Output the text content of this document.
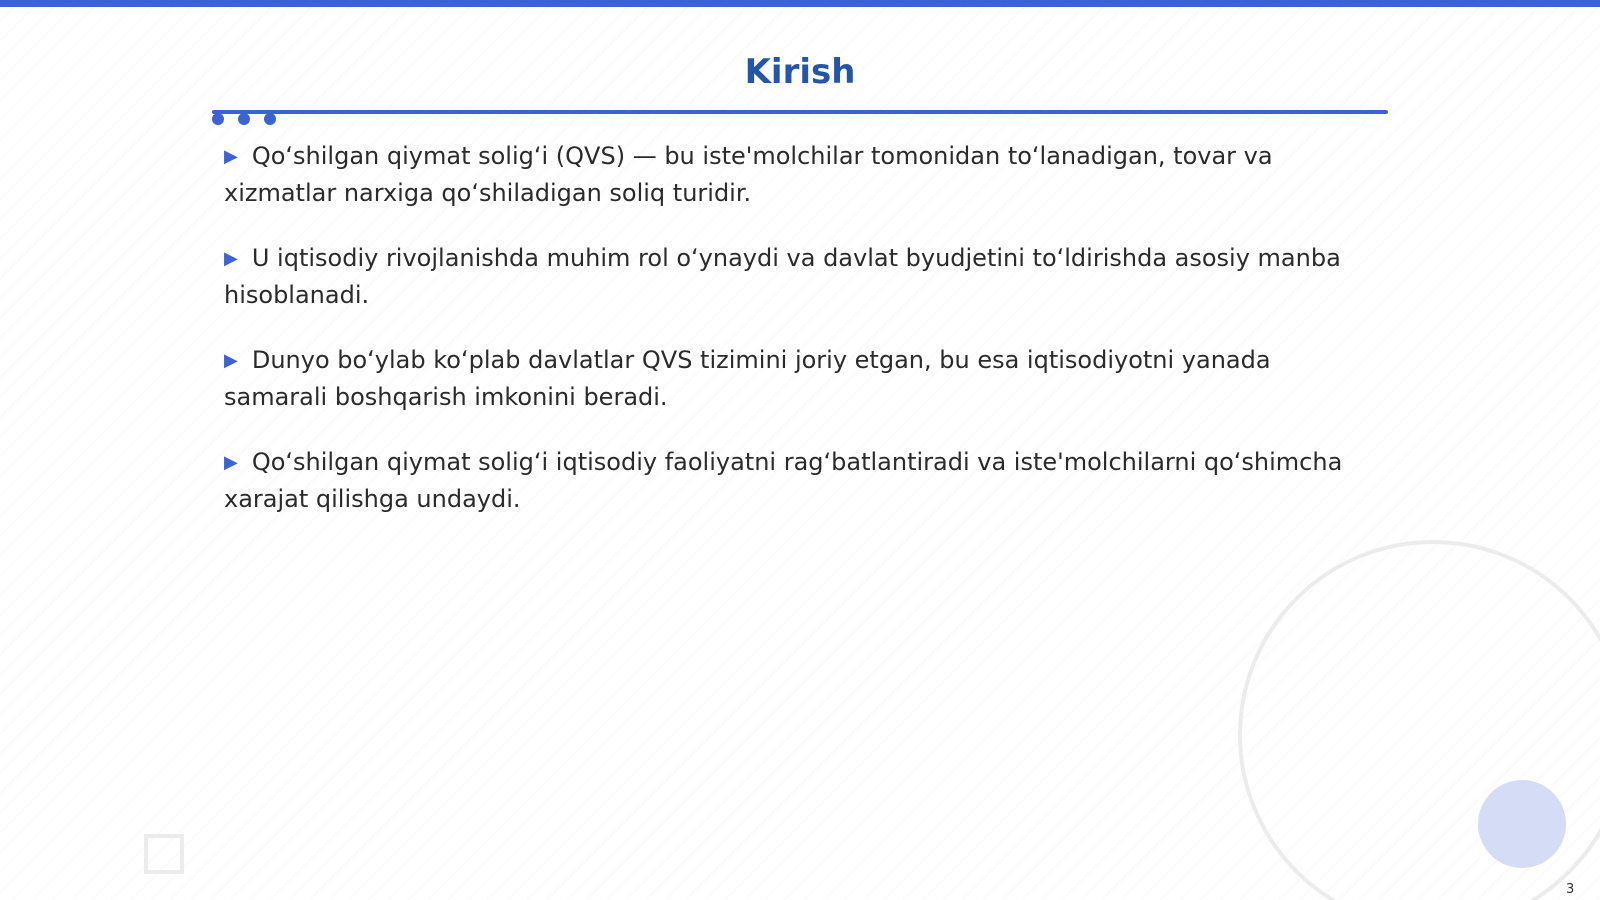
Kirish
▶ Qoʻshilgan qiymat solig‘i (QVS) — bu iste'molchilar tomonidan toʻlanadigan, tovar va xizmatlar narxiga qoʻshiladigan soliq turidir.
▶ U iqtisodiy rivojlanishda muhim rol oʻynaydi va davlat byudjetini toʻldirishda asosiy manba hisoblanadi.
▶ Dunyo boʻylab koʻplab davlatlar QVS tizimini joriy etgan, bu esa iqtisodiyotni yanada samarali boshqarish imkonini beradi.
▶ Qoʻshilgan qiymat solig‘i iqtisodiy faoliyatni rag‘batlantiradi va iste'molchilarni qoʻshimcha xarajat qilishga undaydi.
3
